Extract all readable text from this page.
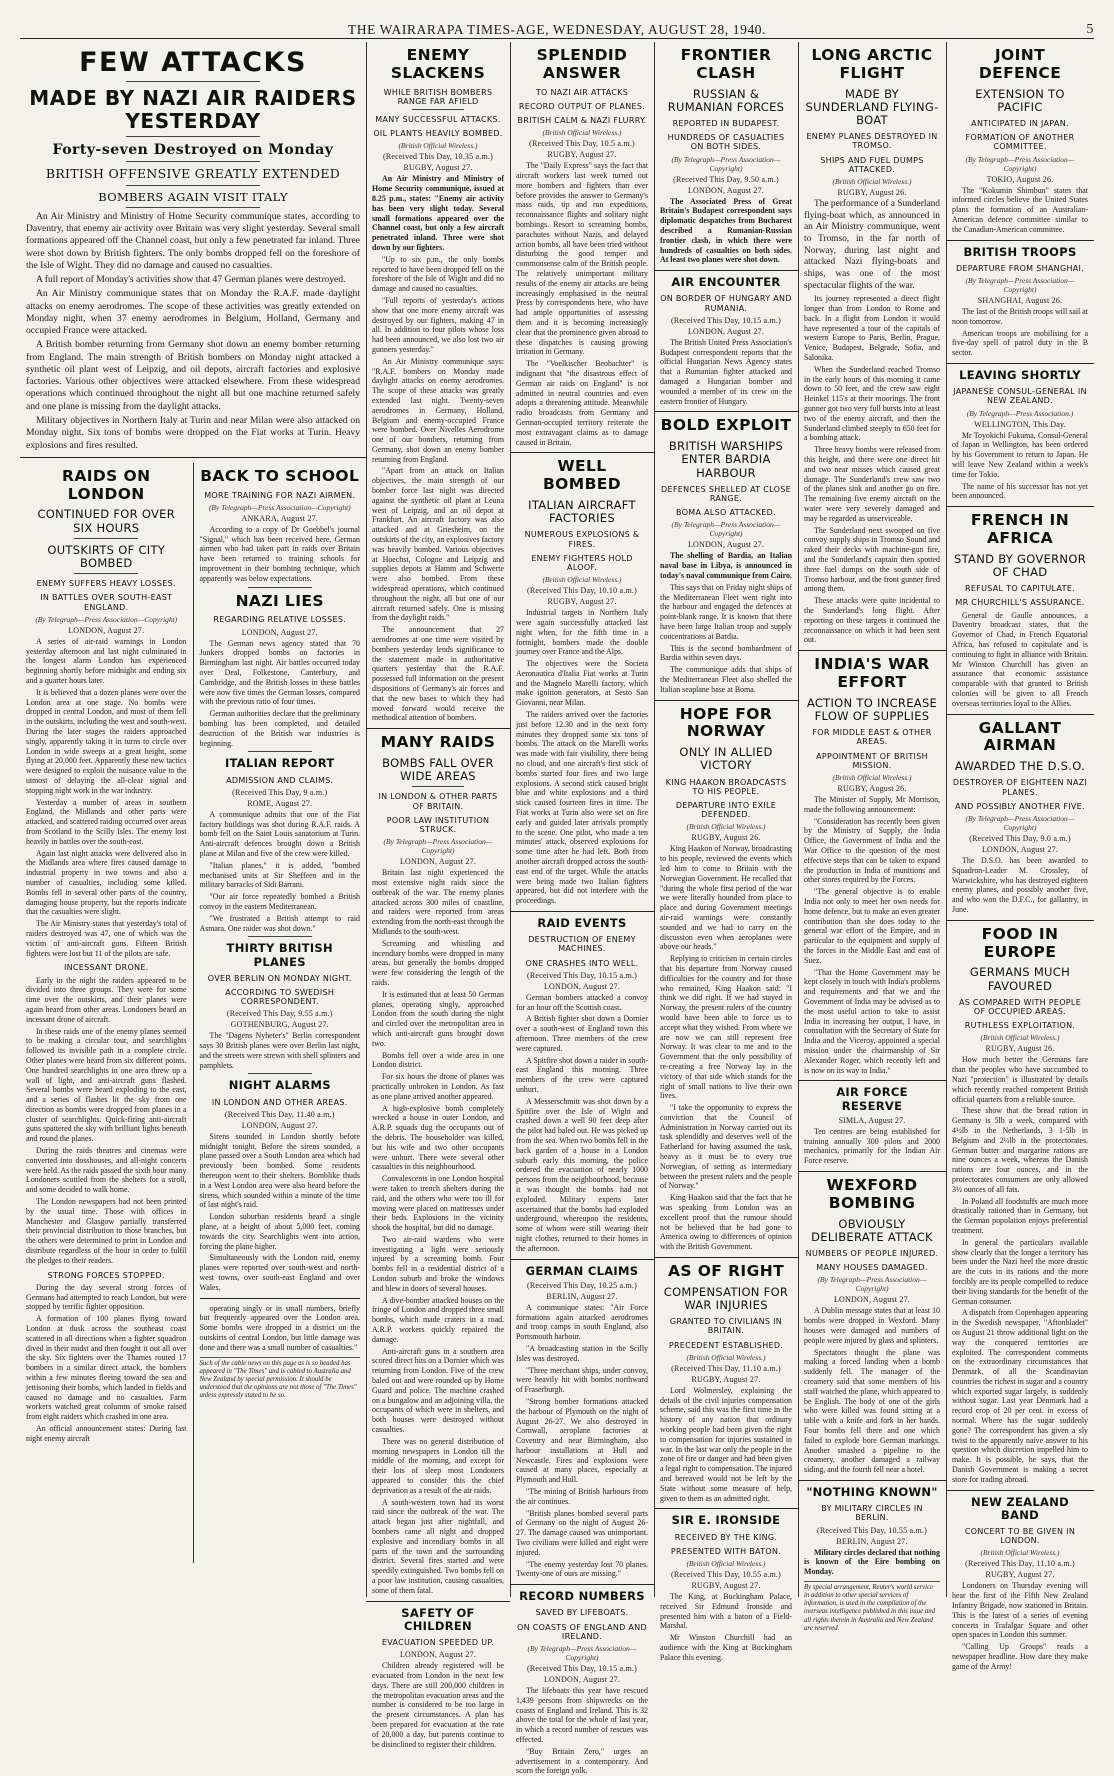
THE WAIRARAPA TIMES-AGE, WEDNESDAY, AUGUST 28, 1940.	5
FEW ATTACKS
MADE BY NAZI AIR RAIDERS YESTERDAY
Forty-seven Destroyed on Monday
BRITISH OFFENSIVE GREATLY EXTENDED
BOMBERS AGAIN VISIT ITALY

An Air Ministry and Ministry of Home Security communique states, according to Daventry, that enemy air activity over Britain was very slight yesterday. Several small formations appeared off the Channel coast, but only a few penetrated far inland. Three were shot down by British fighters. The only bombs dropped fell on the foreshore of the Isle of Wight. They did no damage and caused no casualties.

A full report of Monday's activities show that 47 German planes were destroyed.

An Air Ministry communique states that on Monday the R.A.F. made daylight attacks on enemy aerodromes. The scope of these activities was greatly extended on Monday night, when 37 enemy aerodromes in Belgium, Holland, Germany and occupied France were attacked.

A British bomber returning from Germany shot down an enemy bomber returning from England. The main strength of British bombers on Monday night attacked a synthetic oil plant west of Leipzig, and oil depots, aircraft factories and explosive factories. Various other objectives were attacked elsewhere. From these widespread operations which continued throughout the night all but one machine returned safely and one plane is missing from the daylight attacks.

Military objectives in Northern Italy at Turin and near Milan were also attacked on Monday night. Six tons of bombs were dropped on the Fiat works at Turin. Heavy explosions and fires resulted.

RAIDS ON LONDON
CONTINUED FOR OVER SIX HOURS
OUTSKIRTS OF CITY BOMBED
ENEMY SUFFERS HEAVY LOSSES.
IN BATTLES OVER SOUTH-EAST ENGLAND.
(By Telegraph—Press Association—Copyright)
LONDON, August 27.

A series of air-raid warnings in London yesterday afternoon and last night culminated in the longest alarm London has experienced beginning shortly before midnight and ending six and a quarter hours later.

It is believed that a dozen planes were over the London area at one stage. No bombs were dropped in central London, and most of them fell in the outskirts, including the west and south-west. During the later stages the raiders approached singly, apparently taking it in turns to circle over London in wide sweeps at a great height, some flying at 20,000 feet. Apparently these new tactics were designed to exploit the nuisance value to the utmost of delaying the all-clear signal and stopping night work in the war industry.

Yesterday a number of areas in southern England, the Midlands and other parts were attacked, and scattered raiding occurred over areas from Scotland to the Scilly Isles. The enemy lost heavily in battles over the south-east.

Again last night attacks were delivered also in the Midlands area where fires caused damage to industrial property in two towns and also a number of casualties, including some killed. Bombs fell in several other parts of the country, damaging house property, but the reports indicate that the casualties were slight.

The Air Ministry states that yesterday's total of raiders destroyed was 47, one of which was the victim of anti-aircraft guns. Fifteen British fighters were lost but 11 of the pilots are safe.

INCESSANT DRONE.

Early in the night the raiders appeared to be divided into three groups. They were for some time over the outskirts, and their planes were again heard from other areas. Londoners heard an incessant drone of aircraft.

In these raids one of the enemy planes seemed to be making a circular tour, and searchlights followed its invisible path in a complete circle. Other planes were heard from six different points. One hundred searchlights in one area threw up a wall of light, and anti-aircraft guns flashed. Several bombs were heard exploding to the east, and a series of flashes lit the sky from one direction as bombs were dropped from planes in a cluster of searchlights. Quick-firing anti-aircraft guns spattered the sky with brilliant lights beneath and round the planes.

During the raids theatres and cinemas were converted into dosshouses, and all-night concerts were held. As the raids passed the sixth hour many Londoners scuttled from the shelters for a stroll, and some decided to walk home.

The London newspapers had not been printed by the usual time. Those with offices in Manchester and Glasgow partially transferred their provincial distribution to those branches, but the others were determined to print in London and distribute regardless of the hour in order to fulfil the pledges to their readers.

STRONG FORCES STOPPED.

During the day several strong forces of Germans had attempted to reach London, but were stopped by terrific fighter opposition.

A formation of 100 planes flying toward London at dusk across the southeast coast scattered in all directions when a fighter squadron dived in their midst and then fought it out all over the sky. Six fighters over the Thames routed 17 bombers in a similar direct attack, the bombers within a few minutes fleeing toward the sea and jettisoning their bombs, which landed in fields and caused no damage and no casualties. Farm workers watched great columns of smoke raised from eight raiders which crashed in one area.

An official announcement states: During last night enemy aircraft

BACK TO SCHOOL
MORE TRAINING FOR NAZI AIRMEN.
(By Telegraph—Press Association—Copyright)
ANKARA, August 27.

According to a copy of Dr Goebbel's journal "Signal," which has been received here, German airmen who had taken part in raids over Britain have been returned to training schools for improvement in their bombing technique, which apparently was below expectations.

NAZI LIES
REGARDING RELATIVE LOSSES.
LONDON, August 27.

The German news agency stated that 70 Junkers dropped bombs on factories in Birmingham last night. Air battles occurred today over Deal, Folkestone, Canterbury, and Cambridge, and the British losses in these battles were now five times the German losses, compared with the previous ratio of four times.

German authorities declare that the preliminary bombing has been completed, and detailed destruction of the British war industries is beginning.

ITALIAN REPORT
ADMISSION AND CLAIMS.
(Received This Day, 9 a.m.)
ROME, August 27.

A communique admits that one of the Fiat factory buildings was shot during R.A.F. raids. A bomb fell on the Saint Louis sanatorium at Turin. Anti-aircraft defences brought down a British plane at Milan and five of the crew were killed.

"Italian planes," it is added, "bombed mechanised units at Sir Sheffeen and in the military barracks of Sidi Barrani.

"Our air force repeatedly bombed a British convoy in the eastern Mediterranean.

"We frustrated a British attempt to raid Asmara. One raider was shot down."

THIRTY BRITISH PLANES
OVER BERLIN ON MONDAY NIGHT.
ACCORDING TO SWEDISH CORRESPONDENT.
(Received This Day, 9.55 a.m.)
GOTHENBURG, August 27.

The "Dagens Nyheter's" Berlin correspondent says 30 British planes were over Berlin last night, and the streets were strewn with shell splinters and pamphlets.

NIGHT ALARMS
IN LONDON AND OTHER AREAS.
(Received This Day, 11.40 a.m.)
LONDON, August 27.

Sirens sounded in London shortly before midnight tonight. Before the sirens sounded, a plane passed over a South London area which had previously been bombed. Some residents thereupon went to their shelters. Bomblike thuds in a West London area were also heard before the sirens, which sounded within a minute of the time of last night's raid.

London suburban residents heard a single plane, at a height of about 5,000 feet, coming towards the city. Searchlights went into action, forcing the plane higher.

Simultaneously with the London raid, enemy planes were reported over south-west and north-west towns, over south-east England and over Wales.

operating singly or in small numbers, briefly but frequently appeared over the London area. Some bombs were dropped in a district on the outskirts of central London, but little damage was done and there was a small number of casualties."

Such of the cable news on this page as is so headed has appeared in "The Times" and is cabled to Australia and New Zealand by special permission. It should be understood that the opinions are not those of "The Times" unless expressly stated to be so.
ENEMY SLACKENS
WHILE BRITISH BOMBERS RANGE FAR AFIELD
MANY SUCCESSFUL ATTACKS.
OIL PLANTS HEAVILY BOMBED.
(British Official Wireless.)
(Received This Day, 10.35 a.m.)
RUGBY, August 27.

An Air Ministry and Ministry of Home Security communique, issued at 8.25 p.m., states: "Enemy air activity has been very slight today. Several small formations appeared over the Channel coast, but only a few aircraft penetrated inland. Three were shot down by our fighters.

"Up to six p.m., the only bombs reported to have been dropped fell on the foreshore of the Isle of Wight and did no damage and caused no casualties.

"Full reports of yesterday's actions show that one more enemy aircraft was destroyed by our fighters, making 47 in all. In addition to four pilots whose loss had been announced, we also lost two air gunners yesterday."

An Air Ministry communique says: "R.A.F. bombers on Monday made daylight attacks on enemy aerodromes. The scope of these attacks was greatly extended last night. Twenty-seven aerodromes in Germany, Holland, Belgium and enemy-occupied France were bombed. Over Nivelles Aerodrome one of our bombers, returning from Germany, shot down an enemy bomber returning from England.

"Apart from an attack on Italian objectives, the main strength of our bomber force last night was directed against the synthetic oil plant at Leuna west of Leipzig, and an oil depot at Frankfurt. An aircraft factory was also attacked and at Griesheim, on the outskirts of the city, an explosives factory was heavily bombed. Various objectives at Hoechst, Cologne and Leipzig and supplies depots at Hamm and Schwerte were also bombed. From these widespread operations, which continued throughout the night, all but one of our aircraft returned safely. One is missing from the daylight raids."

The announcement that 27 aerodromes at one time were visited by bombers yesterday lends significance to the statement made in authoritative quarters yesterday that the R.A.F. possessed full information on the present dispositions of Germany's air forces and that the new bases to which they had moved forward would receive the methodical attention of bombers.

MANY RAIDS
BOMBS FALL OVER WIDE AREAS
IN LONDON & OTHER PARTS OF BRITAIN.
POOR LAW INSTITUTION STRUCK.
(By Telegraph—Press Association—Copyright)
LONDON, August 27.

Britain last night experienced the most extensive night raids since the outbreak of the war. The enemy planes attacked across 300 miles of coastline, and raiders were reported from areas extending from the north-east through the Midlands to the south-west.

Screaming and whistling and incendiary bombs were dropped in many areas, but generally the bombs dropped were few considering the length of the raids.

It is estimated that at least 50 German planes, operating singly, approached London from the south during the night and circled over the metropolitan area in which anti-aircraft guns brought down two.

Bombs fell over a wide area in one London district.

For six hours the drone of planes was practically unbroken in London. As fast as one plane arrived another appeared.

A high-explosive bomb completely wrecked a house in outer London, and A.R.P. squads dug the occupants out of the debris. The householder was killed, but his wife and two other occupants were unhurt. There were several other casualties in this neighbourhood.

Convalescents in one London hospital were taken to trench shelters during the raid, and the others who were too ill for moving were placed on mattresses under their beds. Explosions in the vicinity shook the hospital, but did no damage.

Two air-raid wardens who were investigating a light were seriously injured by a screaming bomb. Four bombs fell in a residential district of a London suburb and broke the windows and blew in doors of several houses.

A dive-bomber attacked houses on the fringe of London and dropped three small bombs, which made craters in a road. A.R.P. workers quickly repaired the damage.

Anti-aircraft guns in a southern area scored direct hits on a Dornier which was returning from London. Five of the crew baled out and were rounded up by Home Guard and police. The machine crashed on a bungalow and an adjoining villa, the occupants of which were in shelters, and both houses were destroyed without casualties.

There was no general distribution of morning newspapers in London till the middle of the morning, and except for their lots of sleep most Londoners appeared to consider this the chief deprivation as a result of the air raids.

A south-western town had its worst raid since the outbreak of the war. The attack began just after nightfall, and bombers came all night and dropped explosive and incendiary bombs in all parts of the town and the surrounding district. Several fires started and were speedily extinguished. Two bombs fell on a poor law institution, causing casualties, some of them fatal.

SAFETY OF CHILDREN
EVACUATION SPEEDED UP.
LONDON, August 27.

Children already registered will be evacuated from London in the next few days. There are still 200,000 children in the metropolitan evacuation areas and the number is considered to be too large in the present circumstances. A plan has been prepared for evacuation at the rate of 20,000 a day, but parents continue to be disinclined to register their children.

SPLENDID ANSWER
TO NAZI AIR ATTACKS
RECORD OUTPUT OF PLANES.
BRITISH CALM & NAZI FLURRY.
(British Official Wireless.)
(Received This Day, 10.5 a.m.)
RUGBY, August 27.

The "Daily Express" says the fact that aircraft workers last week turned out more bombers and fighters than ever before provides the answer to Germany's mass raids, tip and run expeditions, reconnaissance flights and solitary night bombings. Resort to screaming bombs, parachutes without Nazis, and delayed action bombs, all have been tried without disturbing the good temper and commonsense calm of the British people. The relatively unimportant military results of the enemy air attacks are being increasingly emphasised in the neutral Press by correspondents here, who have had ample opportunities of assessing them and it is becoming increasingly clear that the prominence given abroad to these dispatches is causing growing irritation in Germany.

The "Voelkischer Beobachter" is indignant that "the disastrous effect of German air raids on England" is not admitted in neutral countries and even adopts a threatening attitude. Meanwhile radio broadcasts from Germany and German-occupied territory reiterate the most extravagant claims as to damage caused in Britain.

WELL BOMBED
ITALIAN AIRCRAFT FACTORIES
NUMEROUS EXPLOSIONS & FIRES.
ENEMY FIGHTERS HOLD ALOOF.
(British Official Wireless.)
(Received This Day, 10.10 a.m.)
RUGBY, August 27.

Industrial targets in Northern Italy were again successfully attacked last night when, for the fifth time in a fortnight, bombers made the double journey over France and the Alps.

The objectives were the Societa Aeronautica d'Italia Fiat works at Turin and the Magnelo Marelli factory, which make ignition generators, at Sesto San Giovanni, near Milan.

The raiders arrived over the factories just before 12.30 and in the next forty minutes they dropped some six tons of bombs. The attack on the Marelli works was made with fair visibility, there being no cloud, and one aircraft's first stick of bombs started four fires and two large explosions. A second stick caused bright blue and white explosions and a third stick caused fourteen fires in time. The Fiat works at Turin also were set on fire early and guided later arrivals promptly to the scene. One pilot, who made a ten minutes' attack, observed explosions for some time after he had left. Both from another aircraft dropped across the south-east end of the target. While the attacks were being made two Italian fighters appeared, but did not interfere with the proceedings.

RAID EVENTS
DESTRUCTION OF ENEMY MACHINES.
ONE CRASHES INTO WELL.
(Received This Day, 10.15 a.m.)
LONDON, August 27.

German bombers attacked a convoy for an hour off the Scottish coast.

A British fighter shot down a Dornier over a south-west of England town this afternoon. Three members of the crew were captured.

A Spitfire shot down a raider in south-east England this morning. Three members of the crew were captured unhurt.

A Messerschmitt was shot down by a Spitfire over the Isle of Wight and crashed down a well 90 feet deep after the pilot had baled out. He was picked up from the sea. When two bombs fell in the back garden of a house in a London suburb early this morning, the police ordered the evacuation of nearly 1000 persons from the neighbourhood, because it was thought the bombs had not exploded. Military experts later ascertained that the bombs had exploded underground, whereupon the residents, some of whom were still wearing their night clothes, returned to their homes in the afternoon.

GERMAN CLAIMS
(Received This Day, 10.25 a.m.)
BERLIN, August 27.

A communique states: "Air Force formations again attacked aerodromes and troop camps in south England, also Portsmouth harbour.

"A broadcasting station in the Scilly Isles was destroyed.

"Three merchant ships, under convoy, were heavily hit with bombs northward of Fraserburgh.

"Strong bomber formations attacked the harbour of Plymouth on the night of August 26-27. We also destroyed in Cornwall, aeroplane factories at Coventry and near Birmingham, also harbour installations at Hull and Newcastle. Fires and explosions were caused at many places, especially at Plymouth and Hull.

"The mining of British harbours from the air continues.

"British planes bombed several parts of Germany on the night of August 26-27. The damage caused was unimportant. Two civilians were killed and eight were injured.

"The enemy yesterday lost 70 planes. Twenty-one of ours are missing."

RECORD NUMBERS
SAVED BY LIFEBOATS.
ON COASTS OF ENGLAND AND IRELAND.
(By Telegraph—Press Association—Copyright)
(Received This Day, 10.15 a.m.)
LONDON, August 27.

The lifeboats this year have rescued 1,439 persons from shipwrecks on the coasts of England and Ireland. This is 32 above the total for the whole of last year, in which a record number of rescues was effected.

"Buy Britain Zero," urges an advertisement in a contemporary. And scorn the foreign yolk.

FRONTIER CLASH
RUSSIAN & RUMANIAN FORCES
REPORTED IN BUDAPEST.
HUNDREDS OF CASUALTIES ON BOTH SIDES.
(By Telegraph—Press Association—Copyright)
(Received This Day, 9.50 a.m.)
LONDON, August 27.

The Associated Press of Great Britain's Budapest correspondent says diplomatic despatches from Bucharest described a Rumanian-Russian frontier clash, in which there were hundreds of casualties on both sides. At least two planes were shot down.

AIR ENCOUNTER
ON BORDER OF HUNGARY AND RUMANIA.
(Received This Day, 10.15 a.m.)
LONDON, August 27.

The British United Press Association's Budapest correspondent reports that the official Hungarian News Agency states that a Rumanian fighter attacked and damaged a Hungarian bomber and wounded a member of its crew on the eastern frontier of Hungary.

BOLD EXPLOIT
BRITISH WARSHIPS ENTER BARDIA HARBOUR
DEFENCES SHELLED AT CLOSE RANGE.
BOMA ALSO ATTACKED.
(By Telegraph—Press Association—Copyright)
LONDON, August 27.

The shelling of Bardia, an Italian naval base in Libya, is announced in today's naval communique from Cairo.

This says that on Friday night ships of the Mediterranean Fleet went right into the harbour and engaged the defences at point-blank range. It is known that there have been large Italian troop and supply concentrations at Bardia.

This is the second bombardment of Bardia within seven days.

The communique adds that ships of the Mediterranean Fleet also shelled the Italian seaplane base at Boma.

HOPE FOR NORWAY
ONLY IN ALLIED VICTORY
KING HAAKON BROADCASTS TO HIS PEOPLE.
DEPARTURE INTO EXILE DEFENDED.
(British Official Wireless.)
RUGBY, August 26.

King Haakon of Norway, broadcasting to his people, reviewed the events which led him to come to Britain with the Norwegian Government. He recalled that "during the whole first period of the war we were literally hounded from place to place and during Government meetings air-raid warnings were constantly sounded and we had to carry on the discussion even when aeroplanes were above our heads."

Replying to criticism in certain circles that his departure from Norway caused difficulties for the country and for those who remained, King Haakon said: "I think we did right. If we had stayed in Norway, the present rulers of the country would have been able to force us to accept what they wished. From where we are now we can still represent free Norway. It was clear to me and to the Government that the only possibility of re-creating a free Norway lay in the victory of that side which stands for the right of small nations to live their own lives.

"I take the opportunity to express the conviction that the Council of Administration in Norway carried out its task splendidly and deserves well of the Fatherland for having assumed the task, heavy as it must be to every true Norwegian, of setting as intermediary between the present rulers and the people of Norway."

King Haakon said that the fact that he was speaking from London was an excellent proof that the rumour should not be believed that he had gone to America owing to differences of opinion with the British Government.

AS OF RIGHT
COMPENSATION FOR WAR INJURIES
GRANTED TO CIVILIANS IN BRITAIN.
PRECEDENT ESTABLISHED.
(British Official Wireless.)
(Received This Day, 11.10 a.m.)
RUGBY, August 27.

Lord Wolmersley, explaining the details of the civil injuries compensation scheme, said this was the first time in the history of any nation that ordinary working people had been given the right to compensation for injuries sustained in war. In the last war only the people in the zone of fire or danger and had been given a legal right to compensation. The injured and bereaved would not be left by the State without some measure of help, given to them as an admitted right.

SIR E. IRONSIDE
RECEIVED BY THE KING.
PRESENTED WITH BATON.
(British Official Wireless.)
(Received This Day, 10.55 a.m.)
RUGBY, August 27.

The King, at Buckingham Palace, received Sir Edmund Ironside and presented him with a baton of a Field-Marshal.

Mr Winston Churchill had an audience with the King at Buckingham Palace this evening.

LONG ARCTIC FLIGHT
MADE BY SUNDERLAND FLYING-BOAT
ENEMY PLANES DESTROYED IN TROMSO.
SHIPS AND FUEL DUMPS ATTACKED.
(British Official Wireless.)
RUGBY, August 26.

The performance of a Sunderland flying-boat which, as announced in an Air Ministry communique, went to Tromso, in the far north of Norway, during last night and attacked Nazi flying-boats and ships, was one of the most spectacular flights of the war.

Its journey represented a direct flight longer than from London to Rome and back. In a flight from London it would have represented a tour of the capitals of western Europe to Paris, Berlin, Prague, Venice, Budapest, Belgrade, Sofia, and Salonika.

When the Sunderland reached Tromso in the early hours of this morning it came down to 50 feet, and the crew saw eight Heinkel 115's at their moorings. The front gunner got two very full bursts into at least two of the enemy aircraft, and then the Sunderland climbed steeply to 650 feet for a bombing attack.

Three heavy bombs were released from this height, and there were one direct hit and two near misses which caused great damage. The Sunderland's crew saw two of the planes sink and another go on fire. The remaining five enemy aircraft on the water were very severely damaged and may be regarded as unserviceable.

The Sunderland next swooped on five convoy supply ships in Tromso Sound and raked their decks with machine-gun fire, and the Sunderland's captain then spotted three fuel dumps on the south side of Tromso harbour, and the front gunner fired among them.

These attacks were quite incidental to the Sunderland's long flight. After reporting on these targets it continued the reconnaissance on which it had been sent out.

INDIA'S WAR EFFORT
ACTION TO INCREASE FLOW OF SUPPLIES
FOR MIDDLE EAST & OTHER AREAS.
APPOINTMENT OF BRITISH MISSION.
(British Official Wireless.)
RUGBY, August 26.

The Minister of Supply, Mr Morrison, made the following announcement:

"Consideration has recently been given by the Ministry of Supply, the India Office, the Government of India and the War Office to the question of the most effective steps that can be taken to expand the production in India of munitions and other stores required by the Forces.

"The general objective is to enable India not only to meet her own needs for home defence, but to make an even greater contribution than she does today to the general war effort of the Empire, and in particular to the equipment and supply of the forces in the Middle East and east of Suez.

"That the Home Government may be kept closely in touch with India's problems and requirements and that we and the Government of India may be advised as to the most useful action to take to assist India in increasing her output, I have, in consultation with the Secretary of State for India and the Viceroy, appointed a special mission under the chairmanship of Sir Alexander Roger, which recently left and is now on its way to India."

AIR FORCE RESERVE
SIMLA, August 27.

Ten centres are being established for training annually 300 pilots and 2000 mechanics, primarily for the Indian Air Force reserve.

WEXFORD BOMBING
OBVIOUSLY DELIBERATE ATTACK
NUMBERS OF PEOPLE INJURED.
MANY HOUSES DAMAGED.
(By Telegraph—Press Association—Copyright)
LONDON, August 27.

A Dublin message states that at least 10 bombs were dropped in Wexford. Many houses were damaged and numbers of people were injured by glass and splinters.

Spectators thought the plane was making a forced landing when a bomb suddenly fell. The manager of the creamery said that some members of his staff watched the plane, which appeared to be English. The body of one of the girls who were killed was found sitting at a table with a knife and fork in her hands. Four bombs fell there and one which failed to explode bore German markings. Another smashed a pipeline to the creamery, another damaged a railway siding, and the fourth fell near a hotel.

"NOTHING KNOWN"
BY MILITARY CIRCLES IN BERLIN.
(Received This Day, 10.55 a.m.)
BERLIN, August 27.

Military circles declared that nothing is known of the Eire bombing on Monday.

By special arrangement, Reuter's world service in addition to other special services of information, is used in the compilation of the overseas intelligence published in this issue and all rights therein in Australia and New Zealand are reserved.
JOINT DEFENCE
EXTENSION TO PACIFIC
ANTICIPATED IN JAPAN.
FORMATION OF ANOTHER COMMITTEE.
(By Telegraph—Press Association—Copyright)
TOKIO, August 26.

The "Kokumin Shimbun" states that informed circles believe the United States plans the formation of an Australian-American defence committee similar to the Canadian-American committee.

BRITISH TROOPS
DEPARTURE FROM SHANGHAI.
(By Telegraph—Press Association—Copyright)
SHANGHAI, August 26.

The last of the British troops will sail at noon tomorrow.

American troops are mobilising for a five-day spell of patrol duty in the B sector.

LEAVING SHORTLY
JAPANESE CONSUL-GENERAL IN NEW ZEALAND.
(By Telegraph—Press Association.)
WELLINGTON, This Day.

Mr Toyokichi Fukuma, Consul-General of Japan in Wellington, has been ordered by his Government to return to Japan. He will leave New Zealand within a week's time for Tokio.

The name of his successor has not yet been announced.

FRENCH IN AFRICA
STAND BY GOVERNOR OF CHAD
REFUSAL TO CAPITULATE.
MR CHURCHILL'S ASSURANCE.

General de Gaulle announces, a Daventry broadcast states, that the Governor of Chad, in French Equatorial Africa, has refused to capitulate and is continuing to fight in alliance with Britain. Mr Winston Churchill has given an assurance that economic assistance comparable with that granted to British colonies will be given to all French overseas territories loyal to the Allies.

GALLANT AIRMAN
AWARDED THE D.S.O.
DESTROYER OF EIGHTEEN NAZI PLANES.
AND POSSIBLY ANOTHER FIVE.
(By Telegraph—Press Association—Copyright)
(Received This Day, 9.0 a.m.)
LONDON, August 27.

The D.S.O. has been awarded to Squadron-Leader M. Crossley, of Warwickshire, who has destroyed eighteen enemy planes, and possibly another five, and who won the D.F.C., for gallantry, in June.

FOOD IN EUROPE
GERMANS MUCH FAVOURED
AS COMPARED WITH PEOPLE OF OCCUPIED AREAS.
RUTHLESS EXPLOITATION.
(British Official Wireless.)
RUGBY, August 26.

How much better the Germans fare than the peoples who have succumbed to Nazi "protection" is illustrated by details which recently reached competent British official quarters from a reliable source.

These show that the bread ration in Germany is 5lb a week, compared with 4½lb in the Netherlands, 3 1-5lb in Belgium and 2½lb in the protectorates. German butter and margarine rations are nine ounces a week, whereas the Danish rations are four ounces, and in the protectorates consumers are only allowed 3½ ounces of all fats.

In Poland all foodstuffs are much more drastically rationed than in Germany, but the German population enjoys preferential treatment.

In general the particulars available show clearly that the longer a territory has been under the Nazi heel the more drastic are the cuts in its rations and the more forcibly are its people compelled to reduce their living standards for the benefit of the German consumer.

A dispatch from Copenhagen appearing in the Swedish newspaper, "Aftonbladet" on August 21 throw additional light on the way the conquered territories are exploited. The correspondent comments on the extraordinary circumstances that Denmark, of all the Scandinavian countries the richest in sugar and a country which exported sugar largely, is suddenly without sugar. Last year Denmark had a record crop of 20 per cent. in excess of normal. Where has the sugar suddenly gone? The correspondent has given a sly twist to the apparently naive answer to his question which discretion impelled him to make. It is possible, he says, that the Danish Government is making a secret store for trading abroad.

NEW ZEALAND BAND
CONCERT TO BE GIVEN IN LONDON.
(British Official Wireless.)
(Received This Day, 11.10 a.m.)
RUGBY, August 27.

Londoners on Thursday evening will hear the first of the Fifth New Zealand Infantry Brigade, now stationed in Britain. This is the latest of a series of evening concerts in Trafalgar Square and other open spaces in London this summer.

"Calling Up Groups" reads a newspaper headline. How dare they make game of the Army!
